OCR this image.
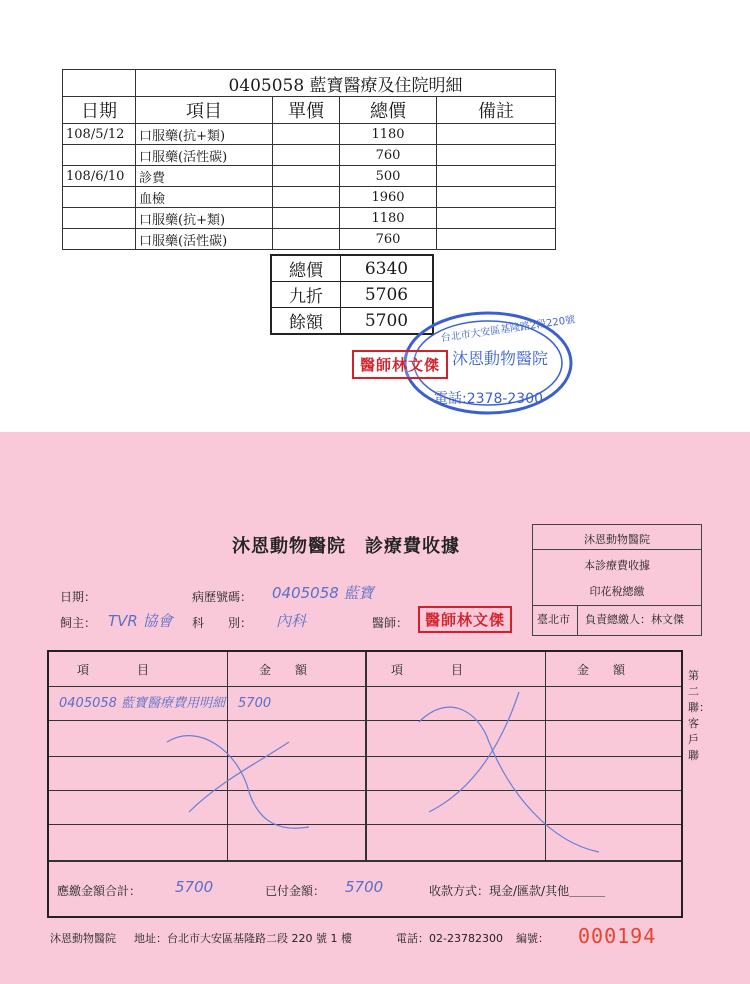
	0405058 藍寶醫療及住院明細			
日期	項目	單價	總價	備註
108/5/12	口服藥(抗+類)		1180	
	口服藥(活性碳)		760	
108/6/10	診費		500	
	血檢		1960	
	口服藥(抗+類)		1180	
	口服藥(活性碳)		760	
總價	6340
九折	5706
餘額	5700	台北市大安區基隆路2段220號
沐恩動物醫院
電話:2378-2300
醫師林文傑
沐恩動物醫院　診療費收據	沐恩動物醫院
本診療費收據
印花稅總繳
臺北市 負責總繳人：林文傑
日期：	病歷號碼： 0405058 藍寶
飼主： TVR 協會 科　　別： 內科	醫師：	醫師林文傑
項　　　　目	金　　額	項　　　　目	金　　額
0405058 藍寶醫療費用明細　5700
應繳金額合計： 5700	已付金額： 5700	收款方式：現金/匯款/其他＿＿＿
第二聯：客戶聯
沐恩動物醫院 地址：台北市大安區基隆路二段 220 號 1 樓	電話：02-23782300 編號： 000194
